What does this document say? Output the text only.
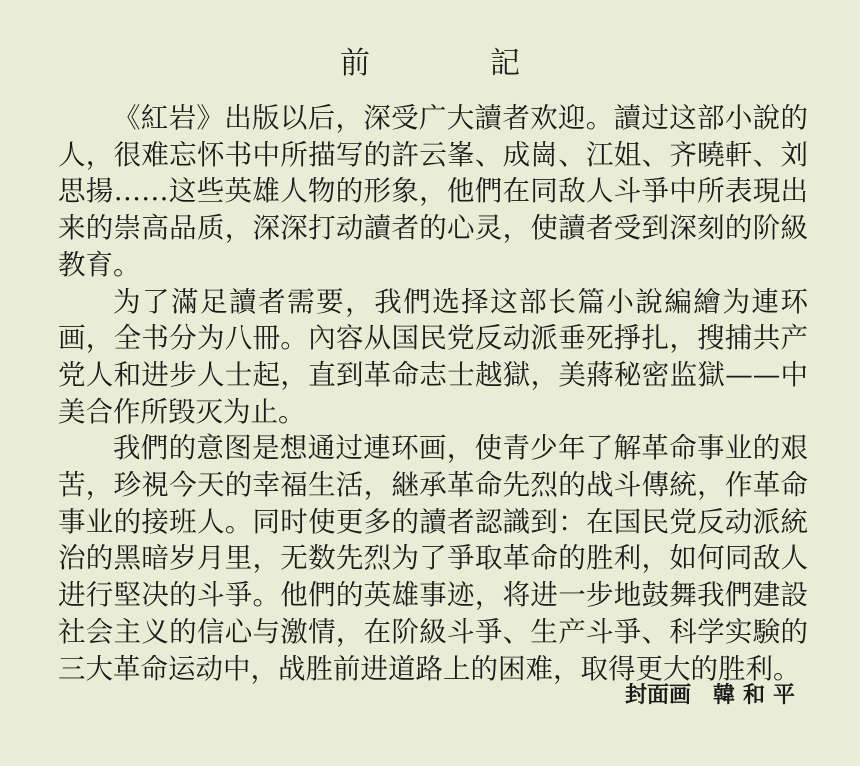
前	記

《紅岩》出版以后，深受广大讀者欢迎。讀过这部小說的人，很难忘怀书中所描写的許云峯、成崗、江姐、齐曉軒、刘思揚……这些英雄人物的形象，他們在同敌人斗爭中所表現出来的崇高品质，深深打动讀者的心灵，使讀者受到深刻的阶級教育。

为了滿足讀者需要，我們选择这部长篇小說編繪为連环画，全书分为八冊。內容从国民党反动派垂死掙扎，搜捕共产党人和进步人士起，直到革命志士越獄，美蔣秘密监獄——中美合作所毁灭为止。

我們的意图是想通过連环画，使青少年了解革命事业的艰苦，珍視今天的幸福生活，継承革命先烈的战斗傳統，作革命事业的接班人。同时使更多的讀者認識到：在国民党反动派統治的黑暗岁月里，无数先烈为了爭取革命的胜利，如何同敌人进行堅决的斗爭。他們的英雄事迹，将进一步地鼓舞我們建設社会主义的信心与激情，在阶級斗爭、生产斗爭、科学实験的三大革命运动中，战胜前进道路上的困难，取得更大的胜利。

封面画 韓和平
